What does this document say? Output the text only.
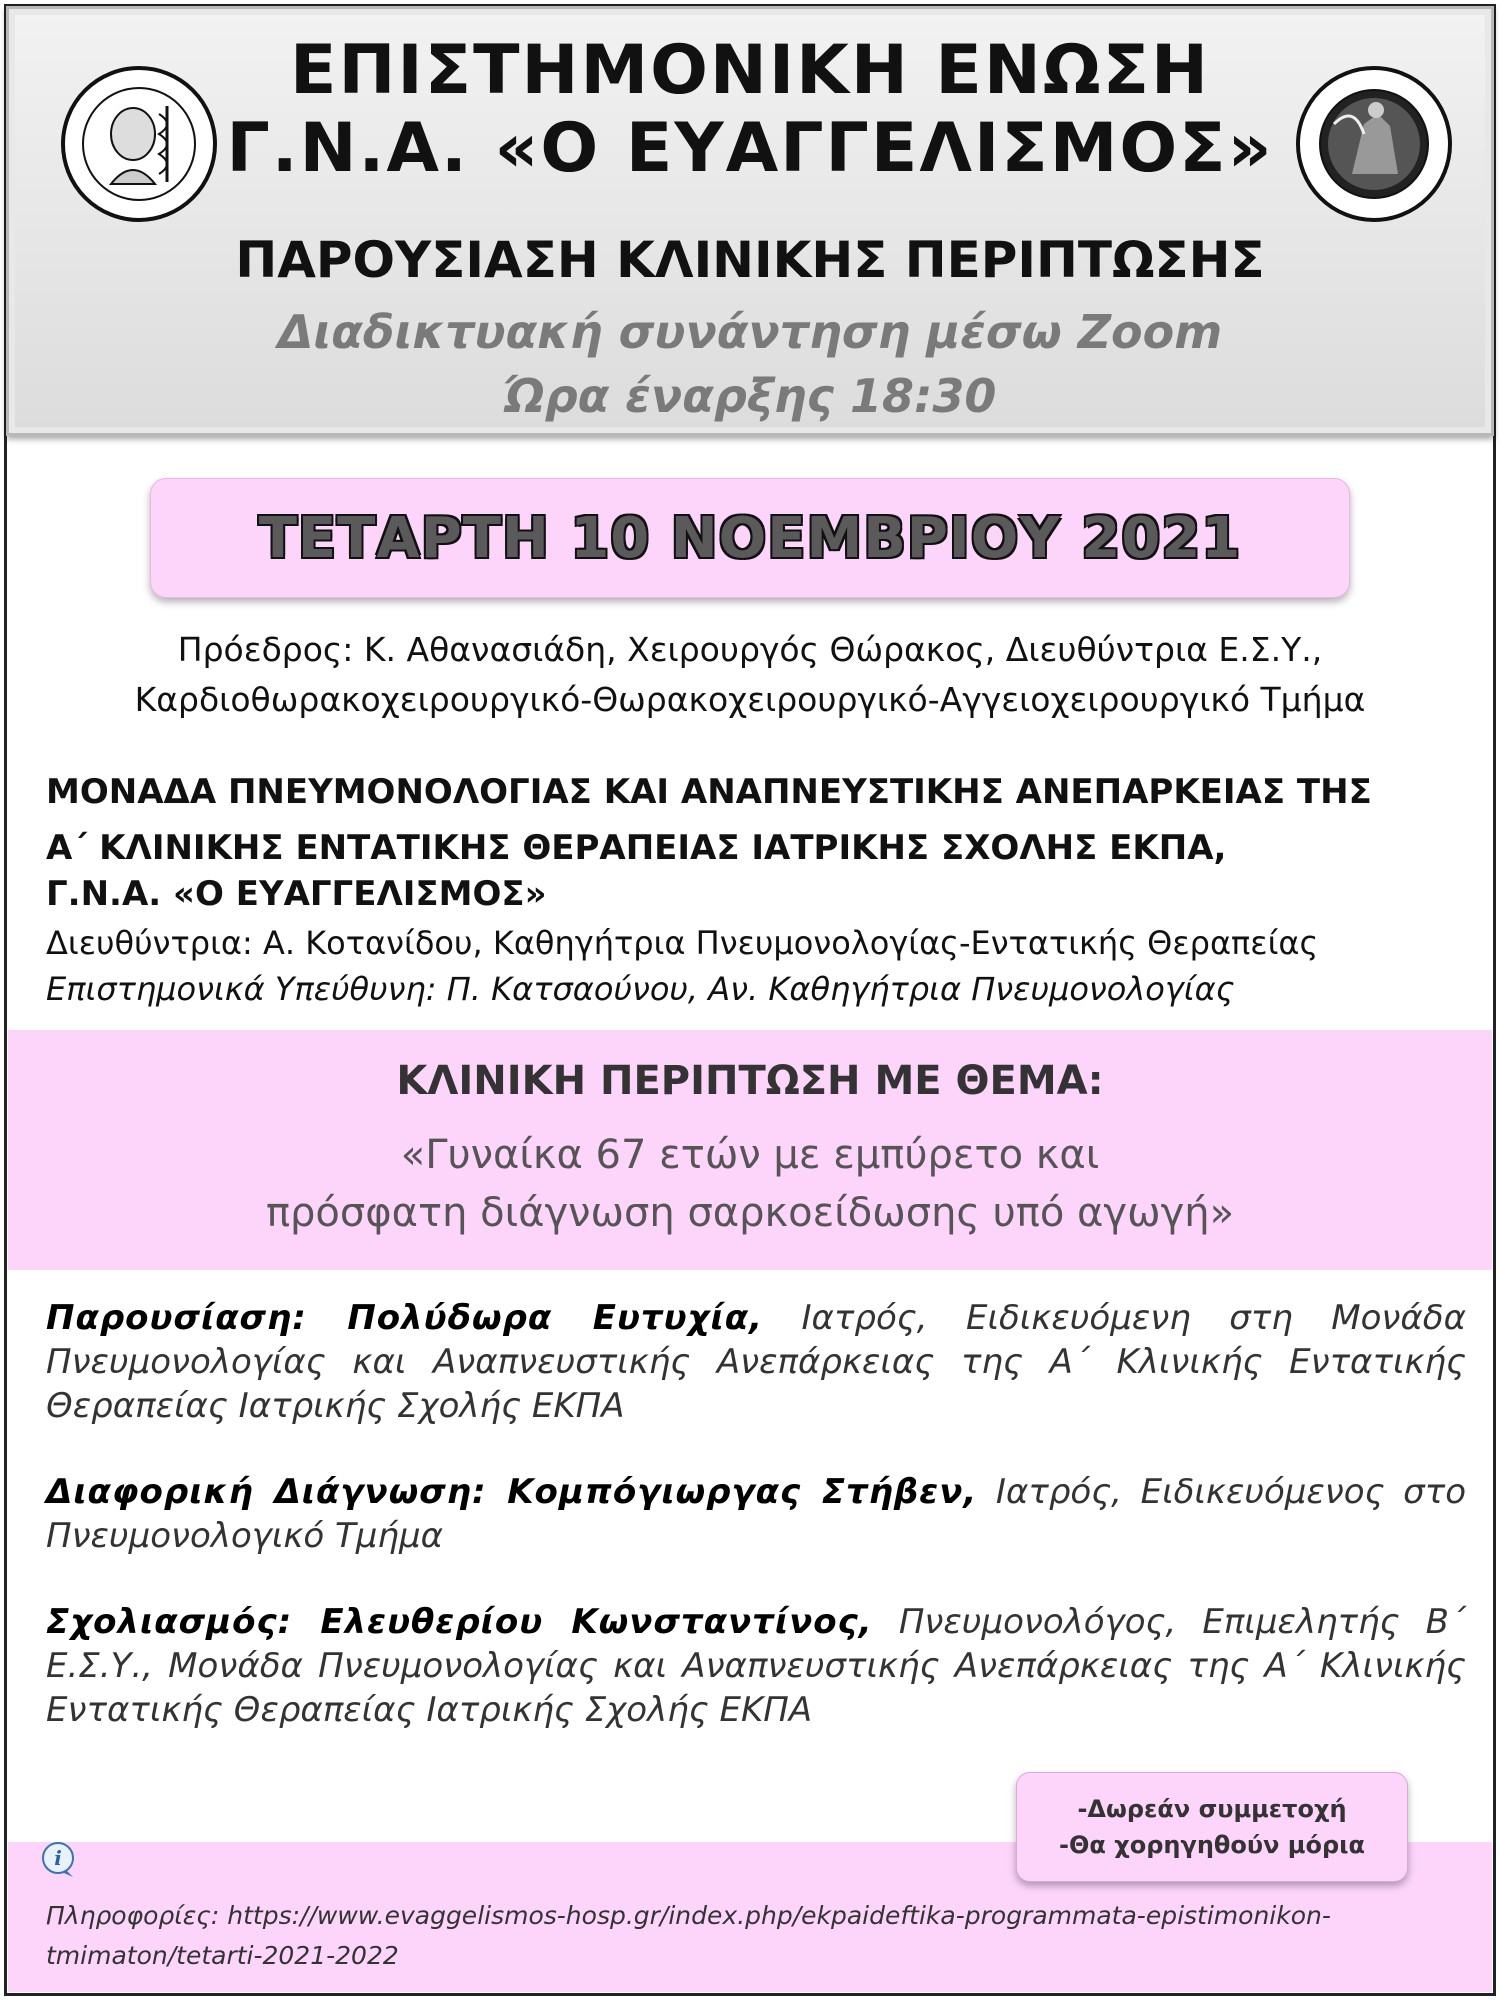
ΕΠΙΣΤΗΜΟΝΙΚΗ ΕΝΩΣΗ
Γ.Ν.Α. «Ο ΕΥΑΓΓΕΛΙΣΜΟΣ»
ΠΑΡΟΥΣΙΑΣΗ ΚΛΙΝΙΚΗΣ ΠΕΡΙΠΤΩΣΗΣ
Διαδικτυακή συνάντηση μέσω Zoom
Ώρα έναρξης 18:30
ΤΕΤΑΡΤΗ 10 ΝΟΕΜΒΡΙΟΥ 2021
Πρόεδρος: Κ. Αθανασιάδη, Χειρουργός Θώρακος, Διευθύντρια Ε.Σ.Υ.,
Καρδιοθωρακοχειρουργικό-Θωρακοχειρουργικό-Αγγειοχειρουργικό Τμήμα
ΜΟΝΑΔΑ ΠΝΕΥΜΟΝΟΛΟΓΙΑΣ ΚΑΙ ΑΝΑΠΝΕΥΣΤΙΚΗΣ ΑΝΕΠΑΡΚΕΙΑΣ ΤΗΣ
Α΄ ΚΛΙΝΙΚΗΣ ΕΝΤΑΤΙΚΗΣ ΘΕΡΑΠΕΙΑΣ ΙΑΤΡΙΚΗΣ ΣΧΟΛΗΣ ΕΚΠΑ,
Γ.Ν.Α. «Ο ΕΥΑΓΓΕΛΙΣΜΟΣ»
Διευθύντρια: Α. Κοτανίδου, Καθηγήτρια Πνευμονολογίας-Εντατικής Θεραπείας
Επιστημονικά Υπεύθυνη: Π. Κατσαούνου, Αν. Καθηγήτρια Πνευμονολογίας
ΚΛΙΝΙΚΗ ΠΕΡΙΠΤΩΣΗ ΜΕ ΘΕΜΑ:
«Γυναίκα 67 ετών με εμπύρετο και
πρόσφατη διάγνωση σαρκοείδωσης υπό αγωγή»
Παρουσίαση: Πολύδωρα Ευτυχία, Ιατρός, Ειδικευόμενη στη Μονάδα Πνευμονολογίας και Αναπνευστικής Ανεπάρκειας της Α΄ Κλινικής Εντατικής Θεραπείας Ιατρικής Σχολής ΕΚΠΑ
Διαφορική Διάγνωση: Κομπόγιωργας Στήβεν, Ιατρός, Ειδικευόμενος στο Πνευμονολογικό Τμήμα
Σχολιασμός: Ελευθερίου Κωνσταντίνος, Πνευμονολόγος, Επιμελητής Β΄ Ε.Σ.Υ., Μονάδα Πνευμονολογίας και Αναπνευστικής Ανεπάρκειας της Α΄ Κλινικής Εντατικής Θεραπείας Ιατρικής Σχολής ΕΚΠΑ
i
-Δωρεάν συμμετοχή
-Θα χορηγηθούν μόρια
Πληροφορίες: https://www.evaggelismos-hosp.gr/index.php/ekpaideftika-programmata-epistimonikon-tmimaton/tetarti-2021-2022
